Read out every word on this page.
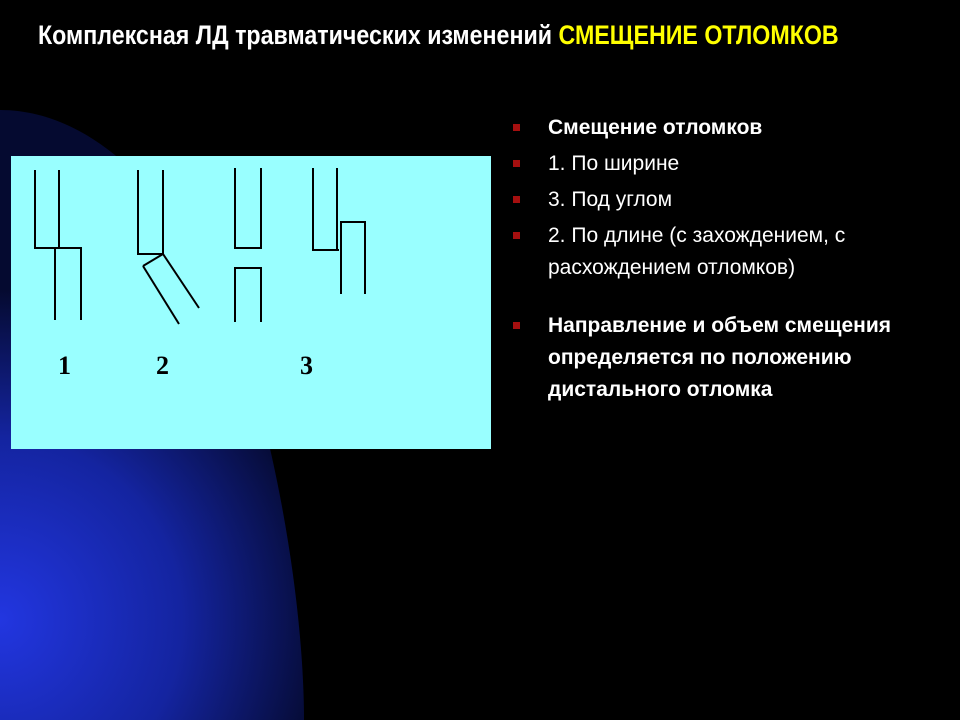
Комплексная ЛД травматических изменений СМЕЩЕНИЕ ОТЛОМКОВ
1	2	3
Смещение отломков
1. По ширине
3. Под углом
2. По длине (с захождением, с расхождением отломков)
Направление и объем смещения определяется по положению дистального отломка
